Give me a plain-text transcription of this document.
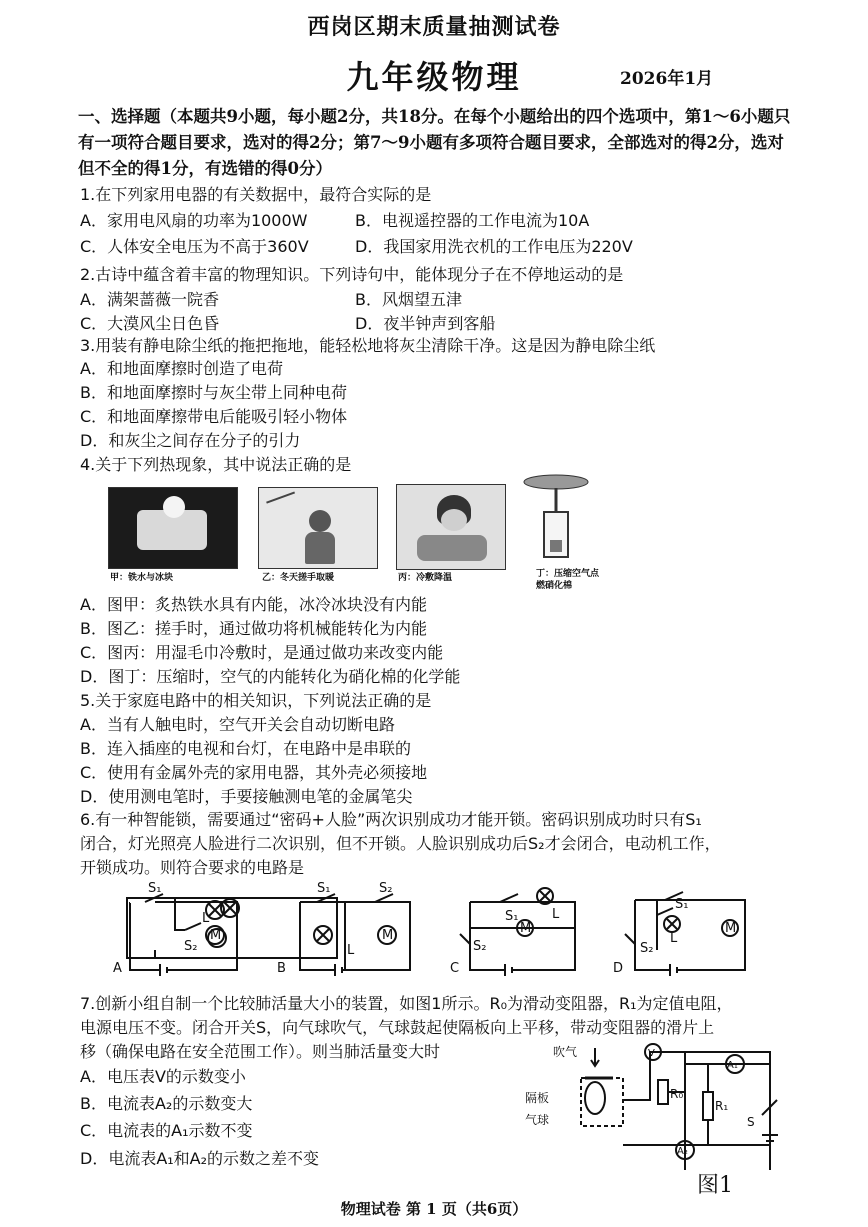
西岗区期末质量抽测试卷
九年级物理	2026年1月
一、选择题（本题共9小题，每小题2分，共18分。在每个小题给出的四个选项中，第1～6小题只有一项符合题目要求，选对的得2分；第7～9小题有多项符合题目要求，全部选对的得2分，选对但不全的得1分，有选错的得0分）
1.在下列家用电器的有关数据中，最符合实际的是
A．家用电风扇的功率为1000W	B．电视遥控器的工作电流为10A
C．人体安全电压为不高于360V	D．我国家用洗衣机的工作电压为220V
2.古诗中蕴含着丰富的物理知识。下列诗句中，能体现分子在不停地运动的是
A．满架蔷薇一院香	B．风烟望五津
C．大漠风尘日色昏	D．夜半钟声到客船
3.用装有静电除尘纸的拖把拖地，能轻松地将灰尘清除干净。这是因为静电除尘纸
A．和地面摩擦时创造了电荷
B．和地面摩擦时与灰尘带上同种电荷
C．和地面摩擦带电后能吸引轻小物体
D．和灰尘之间存在分子的引力
4.关于下列热现象，其中说法正确的是
甲：铁水与冰块	乙：冬天搓手取暖	丙：冷敷降温	丁：压缩空气点
燃硝化棉
A．图甲：炙热铁水具有内能，冰冷冰块没有内能
B．图乙：搓手时，通过做功将机械能转化为内能
C．图丙：用湿毛巾冷敷时，是通过做功来改变内能
D．图丁：压缩时，空气的内能转化为硝化棉的化学能
5.关于家庭电路中的相关知识，下列说法正确的是
A．当有人触电时，空气开关会自动切断电路
B．连入插座的电视和台灯，在电路中是串联的
C．使用有金属外壳的家用电器，其外壳必须接地
D．使用测电笔时，手要接触测电笔的金属笔尖
6.有一种智能锁，需要通过“密码+人脸”两次识别成功才能开锁。密码识别成功时只有S₁
闭合，灯光照亮人脸进行二次识别，但不开锁。人脸识别成功后S₂才会闭合，电动机工作，
开锁成功。则符合要求的电路是
A
S₁
S₂
L
M
B
S₁	S₂
L
M
C
S₁
S₂
L
M
D
S₁
S₂
L
M
7.创新小组自制一个比较肺活量大小的装置，如图1所示。R₀为滑动变阻器，R₁为定值电阻，
电源电压不变。闭合开关S，向气球吹气，气球鼓起使隔板向上平移，带动变阻器的滑片上
移（确保电路在安全范围工作）。则当肺活量变大时
A．电压表V的示数变小
B．电流表A₂的示数变大
C．电流表的A₁示数不变
D．电流表A₁和A₂的示数之差不变
吹气
隔板
气球
V
A₁
A₂
R₀
R₁
S
图1
物理试卷 第 1 页（共6页）
